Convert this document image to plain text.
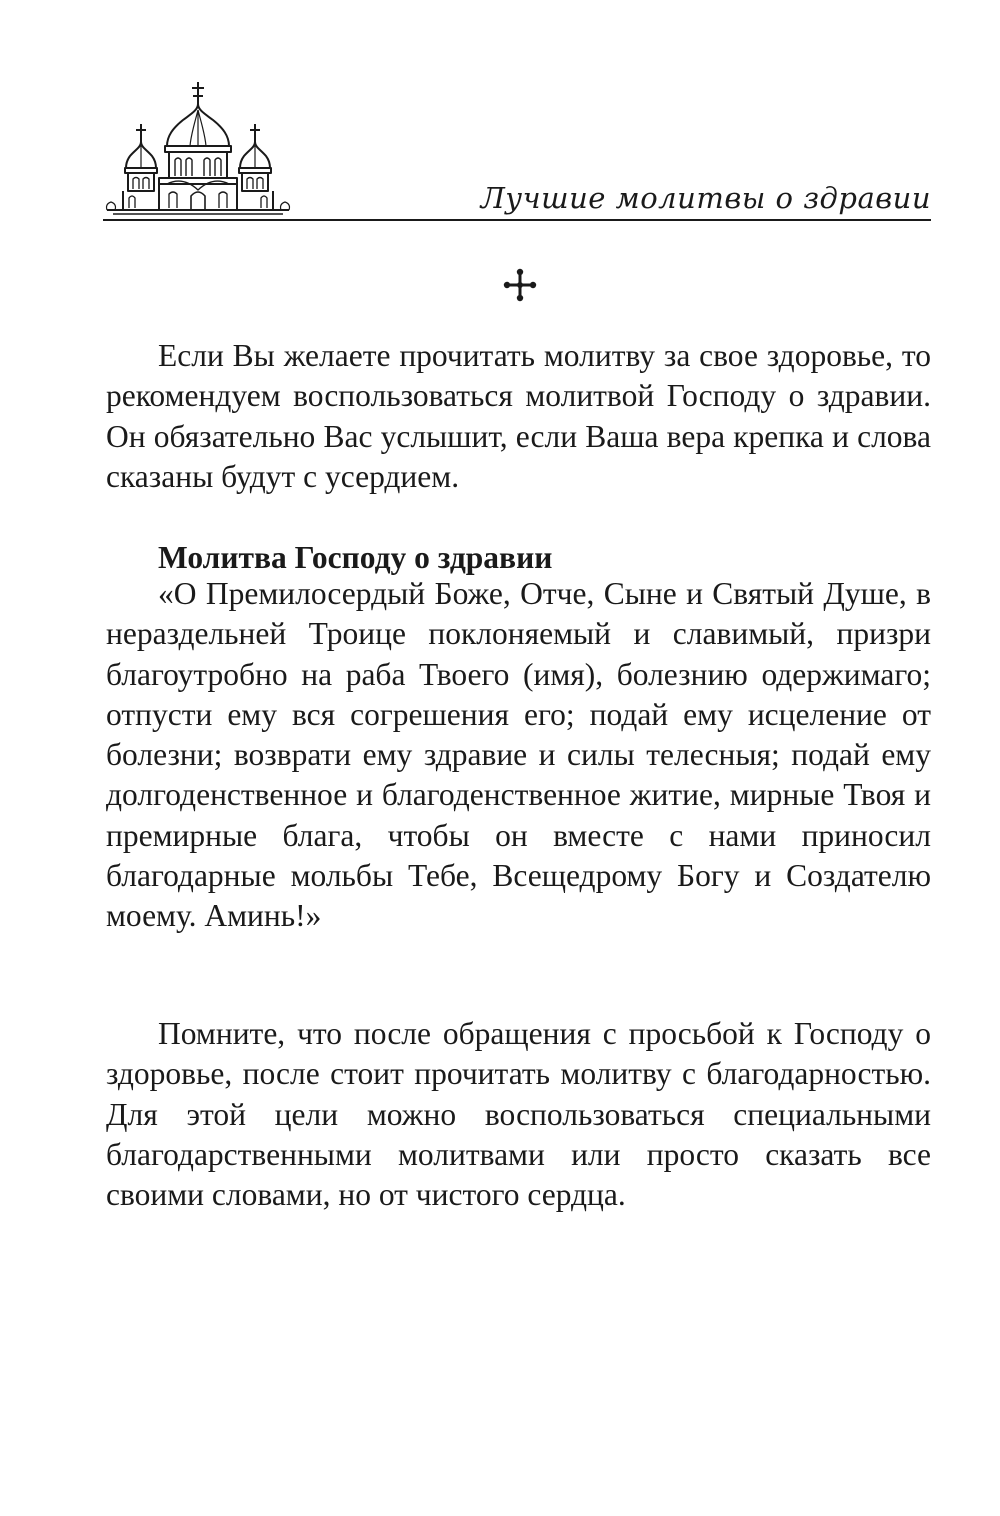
Лучшие молитвы о здравии

Если Вы желаете прочитать молитву за свое здоровье, то рекомендуем воспользоваться молитвой Господу о здравии. Он обязательно Вас услышит, если Ваша вера крепка и слова сказаны будут с усердием.

Молитва Господу о здравии

«О Премилосердый Боже, Отче, Сыне и Святый Душе, в нераздельней Троице поклоняемый и славимый, призри благоутробно на раба Твоего (имя), болезнию одержимаго; отпусти ему вся согрешения его; подай ему исцеление от болезни; возврати ему здравие и силы телесныя; подай ему долгоденственное и благоденственное житие, мирные Твоя и премирные блага, чтобы он вместе с нами приносил благодарные мольбы Тебе, Всещедрому Богу и Создателю моему. Аминь!»

Помните, что после обращения с просьбой к Господу о здоровье, после стоит прочитать молитву с благодарностью. Для этой цели можно воспользоваться специальными благодарственными молитвами или просто сказать все своими словами, но от чистого сердца.
